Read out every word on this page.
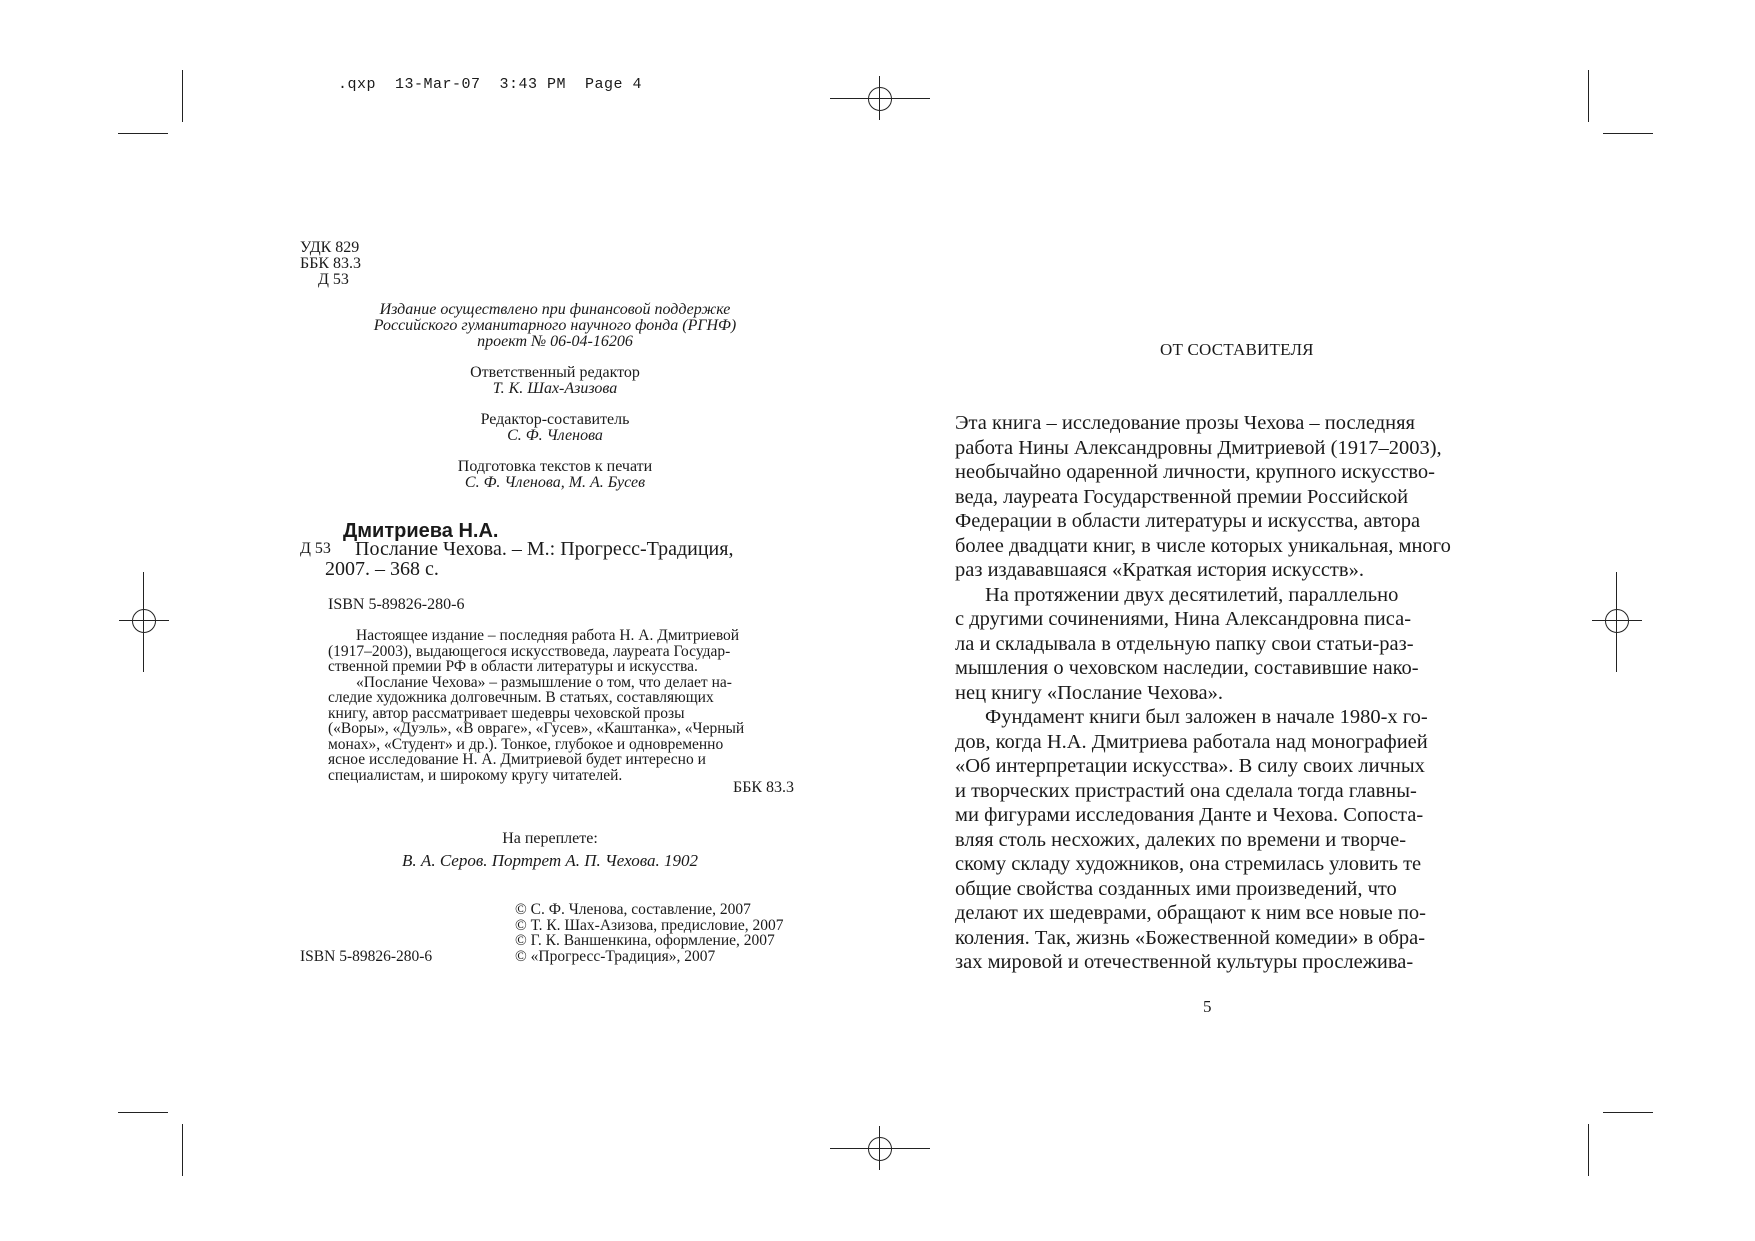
.qxp  13-Mar-07  3:43 PM  Page 4
УДК 829
ББК 83.3
Д 53
Издание осуществлено при финансовой поддержке
Российского гуманитарного научного фонда (РГНФ)
проект № 06-04-16206
Ответственный редактор
Т. К. Шах-Азизова
Редактор-составитель
С. Ф. Членова
Подготовка текстов к печати
С. Ф. Членова, М. А. Бусев
Дмитриева Н.А.
Д 53	Послание Чехова. – М.: Прогресс-Традиция,
2007. – 368 с.
ISBN 5-89826-280-6
Настоящее издание – последняя работа Н. А. Дмитриевой
(1917–2003), выдающегося искусствоведа, лауреата Государ-
ственной премии РФ в области литературы и искусства.
«Послание Чехова» – размышление о том, что делает на-
следие художника долговечным. В статьях, составляющих
книгу, автор рассматривает шедевры чеховской прозы
(«Воры», «Дуэль», «В овраге», «Гусев», «Каштанка», «Черный
монах», «Студент» и др.). Тонкое, глубокое и одновременно
ясное исследование Н. А. Дмитриевой будет интересно и
специалистам, и широкому кругу читателей.
ББК 83.3
На переплете:
В. А. Серов. Портрет А. П. Чехова. 1902
© С. Ф. Членова, составление, 2007
© Т. К. Шах-Азизова, предисловие, 2007
© Г. К. Ваншенкина, оформление, 2007
© «Прогресс-Традиция», 2007
ISBN 5-89826-280-6
ОТ СОСТАВИТЕЛЯ
Эта книга – исследование прозы Чехова – последняя
работа Нины Александровны Дмитриевой (1917–2003),
необычайно одаренной личности, крупного искусство-
веда, лауреата Государственной премии Российской
Федерации в области литературы и искусства, автора
более двадцати книг, в числе которых уникальная, много
раз издававшаяся «Краткая история искусств».
На протяжении двух десятилетий, параллельно
с другими сочинениями, Нина Александровна писа-
ла и складывала в отдельную папку свои статьи-раз-
мышления о чеховском наследии, составившие нако-
нец книгу «Послание Чехова».
Фундамент книги был заложен в начале 1980-х го-
дов, когда Н.А. Дмитриева работала над монографией
«Об интерпретации искусства». В силу своих личных
и творческих пристрастий она сделала тогда главны-
ми фигурами исследования Данте и Чехова. Сопоста-
вляя столь несхожих, далеких по времени и творче-
скому складу художников, она стремилась уловить те
общие свойства созданных ими произведений, что
делают их шедеврами, обращают к ним все новые по-
коления. Так, жизнь «Божественной комедии» в обра-
зах мировой и отечественной культуры прослежива-
5
